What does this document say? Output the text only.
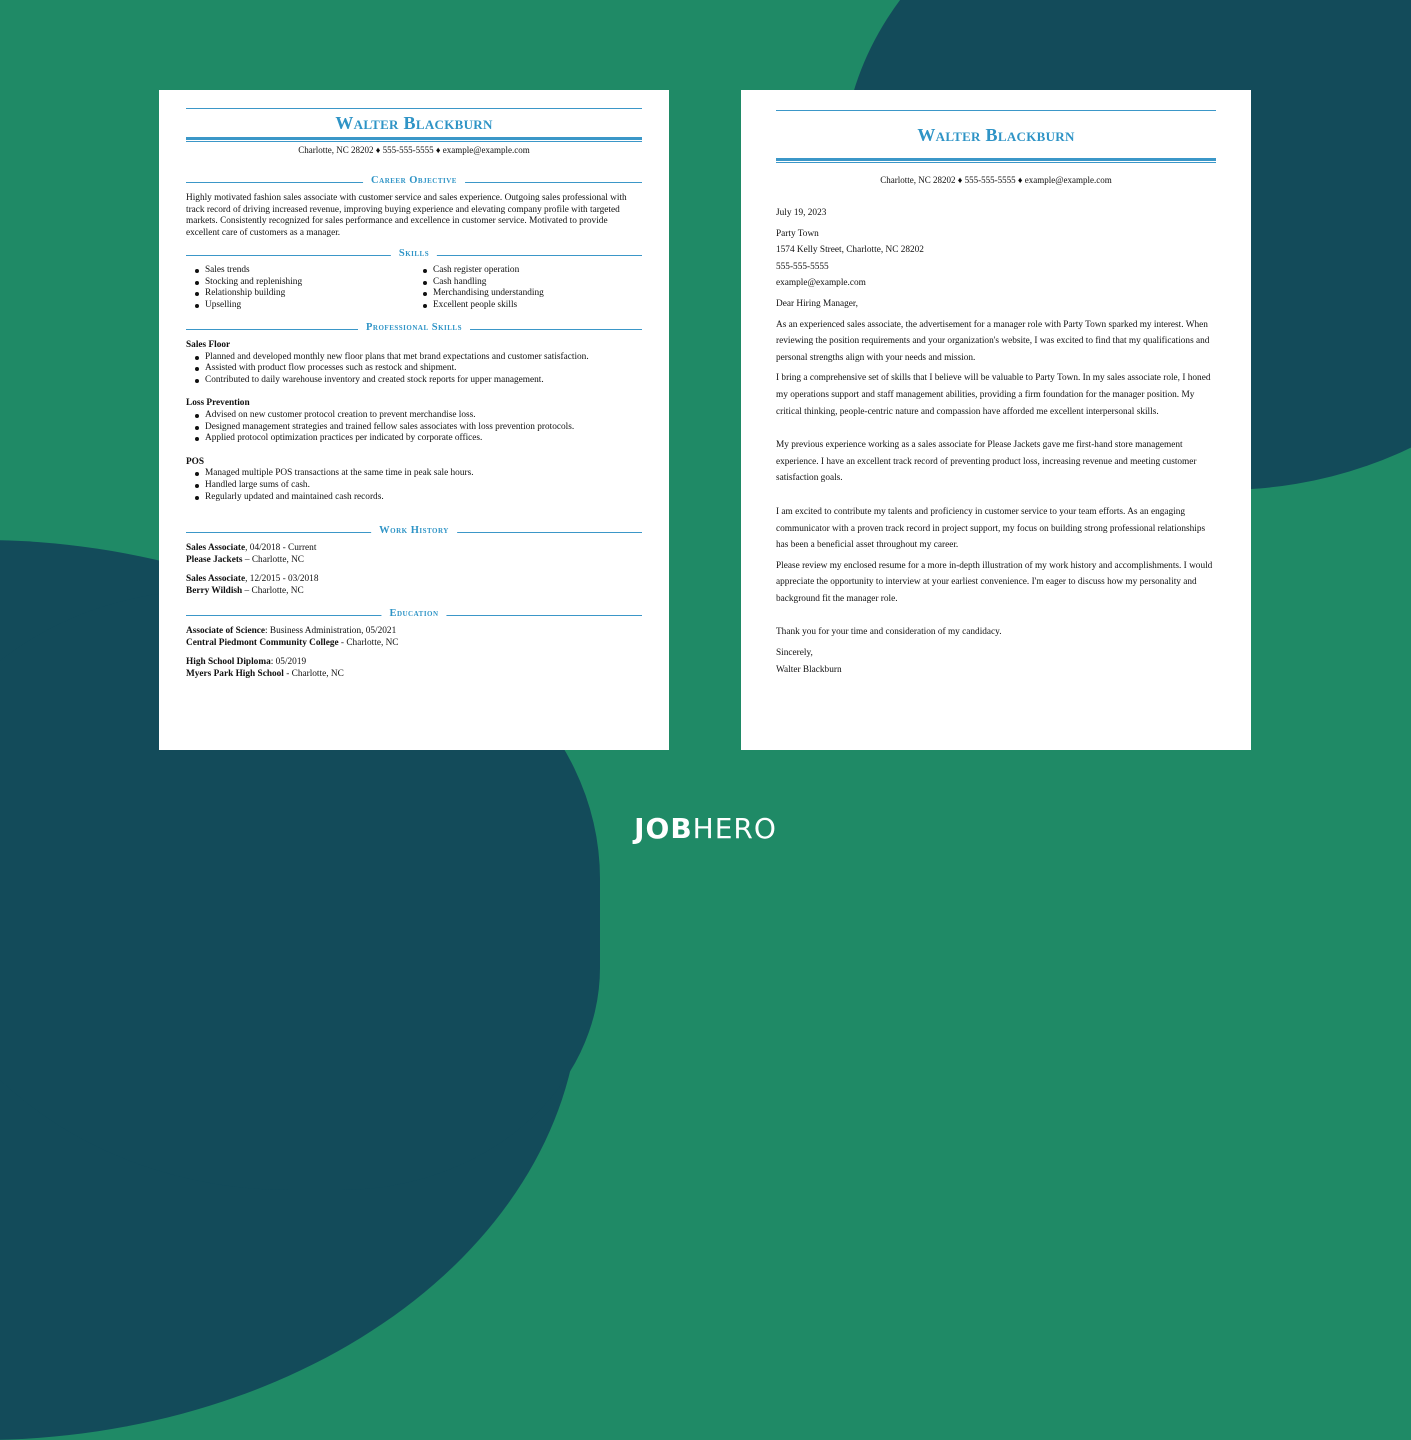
Walter Blackburn
Charlotte, NC 28202 ♦ 555-555-5555 ♦ example@example.com
Career Objective
Highly motivated fashion sales associate with customer service and sales experience. Outgoing sales professional with track record of driving increased revenue, improving buying experience and elevating company profile with targeted markets. Consistently recognized for sales performance and excellence in customer service. Motivated to provide excellent care of customers as a manager.
Skills
Sales trends
Stocking and replenishing
Relationship building
Upselling
Cash register operation
Cash handling
Merchandising understanding
Excellent people skills
Professional Skills
Sales Floor
Planned and developed monthly new floor plans that met brand expectations and customer satisfaction.
Assisted with product flow processes such as restock and shipment.
Contributed to daily warehouse inventory and created stock reports for upper management.
Loss Prevention
Advised on new customer protocol creation to prevent merchandise loss.
Designed management strategies and trained fellow sales associates with loss prevention protocols.
Applied protocol optimization practices per indicated by corporate offices.
POS
Managed multiple POS transactions at the same time in peak sale hours.
Handled large sums of cash.
Regularly updated and maintained cash records.
Work History
Sales Associate, 04/2018 - Current
Please Jackets – Charlotte, NC
Sales Associate, 12/2015 - 03/2018
Berry Wildish – Charlotte, NC
Education
Associate of Science: Business Administration, 05/2021
Central Piedmont Community College - Charlotte, NC
High School Diploma: 05/2019
Myers Park High School - Charlotte, NC
Walter Blackburn
Charlotte, NC 28202 ♦ 555-555-5555 ♦ example@example.com

July 19, 2023

Party Town

1574 Kelly Street, Charlotte, NC 28202

555-555-5555

example@example.com

Dear Hiring Manager,

As an experienced sales associate, the advertisement for a manager role with Party Town sparked my interest. When reviewing the position requirements and your organization's website, I was excited to find that my qualifications and personal strengths align with your needs and mission.

I bring a comprehensive set of skills that I believe will be valuable to Party Town. In my sales associate role, I honed my operations support and staff management abilities, providing a firm foundation for the manager position. My critical thinking, people-centric nature and compassion have afforded me excellent interpersonal skills.

My previous experience working as a sales associate for Please Jackets gave me first-hand store management experience. I have an excellent track record of preventing product loss, increasing revenue and meeting customer satisfaction goals.

I am excited to contribute my talents and proficiency in customer service to your team efforts. As an engaging communicator with a proven track record in project support, my focus on building strong professional relationships has been a beneficial asset throughout my career.

Please review my enclosed resume for a more in-depth illustration of my work history and accomplishments. I would appreciate the opportunity to interview at your earliest convenience. I'm eager to discuss how my personality and background fit the manager role.

Thank you for your time and consideration of my candidacy.

Sincerely,

Walter Blackburn

JOBHERO
